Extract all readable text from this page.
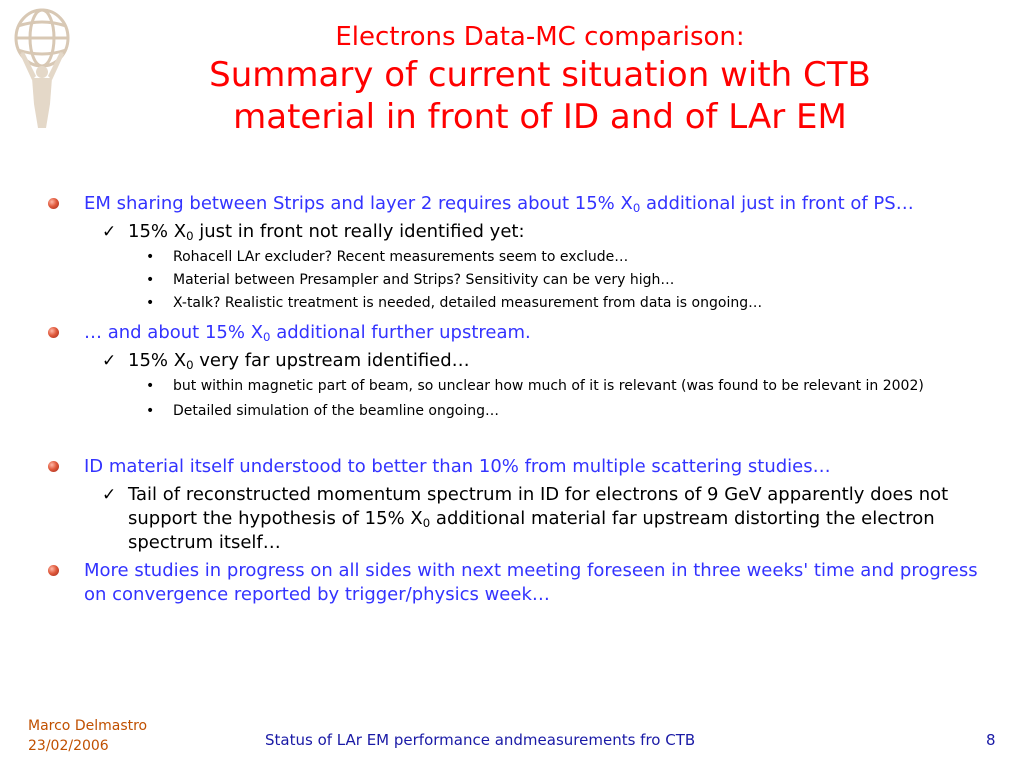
Electrons Data-MC comparison:
Summary of current situation with CTB
material in front of ID and of LAr EM
EM sharing between Strips and layer 2 requires about 15% $X_0$ additional just in front of PS…
✓ 15% $X_0$ just in front not really identified yet:
• Rohacell LAr excluder? Recent measurements seem to exclude…
• Material between Presampler and Strips? Sensitivity can be very high…
• X-talk? Realistic treatment is needed, detailed measurement from data is ongoing…
… and about 15% $X_0$ additional further upstream.
✓ 15% $X_0$ very far upstream identified…
• but within magnetic part of beam, so unclear how much of it is relevant (was found to be relevant in 2002)
• Detailed simulation of the beamline ongoing…
ID material itself understood to better than 10% from multiple scattering studies…
✓ Tail of reconstructed momentum spectrum in ID for electrons of 9 GeV apparently does not support the hypothesis of 15% $X_0$ additional material far upstream distorting the electron spectrum itself…
More studies in progress on all sides with next meeting foreseen in three weeks' time and progress on convergence reported by trigger/physics week…
Marco Delmastro
23/02/2006	Status of LAr EM performance andmeasurements fro CTB	8
